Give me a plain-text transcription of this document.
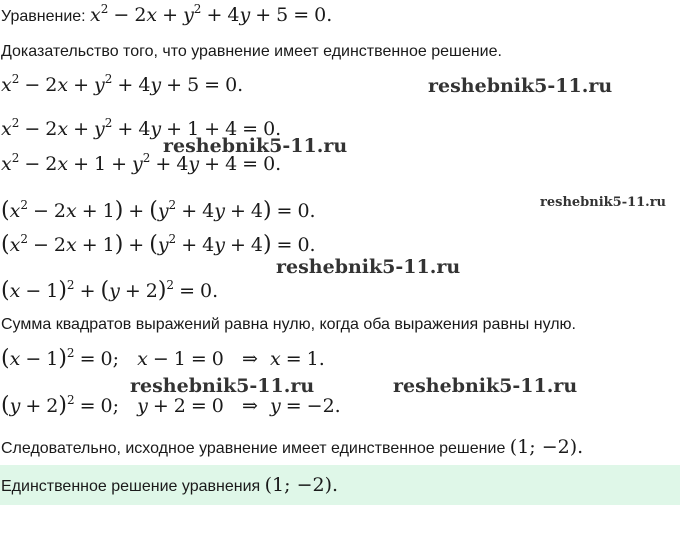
Уравнение: $x^2 - 2x + y^2 + 4y + 5 = 0$.
Доказательство того, что уравнение имеет единственное решение.
$x^2 - 2x + y^2 + 4y + 5 = 0$.
$x^2 - 2x + y^2 + 4y + 1 + 4 = 0$.
$x^2 - 2x + 1 + y^2 + 4y + 4 = 0$.
$(x^2 - 2x + 1) + (y^2 + 4y + 4) = 0$.
$(x^2 - 2x + 1) + (y^2 + 4y + 4) = 0$.
$(x - 1)^2 + (y + 2)^2 = 0$.
Сумма квадратов выражений равна нулю, когда оба выражения равны нулю.
$(x - 1)^2 = 0$;   x − 1 = 0   ⇒  x = 1.
$(y + 2)^2 = 0$;   y + 2 = 0   ⇒  y = −2.
Следовательно, исходное уравнение имеет единственное решение (1; −2).
Единственное решение уравнения (1; −2).
reshebnik5-11.ru
reshebnik5-11.ru
reshebnik5-11.ru
reshebnik5-11.ru
reshebnik5-11.ru	reshebnik5-11.ru
